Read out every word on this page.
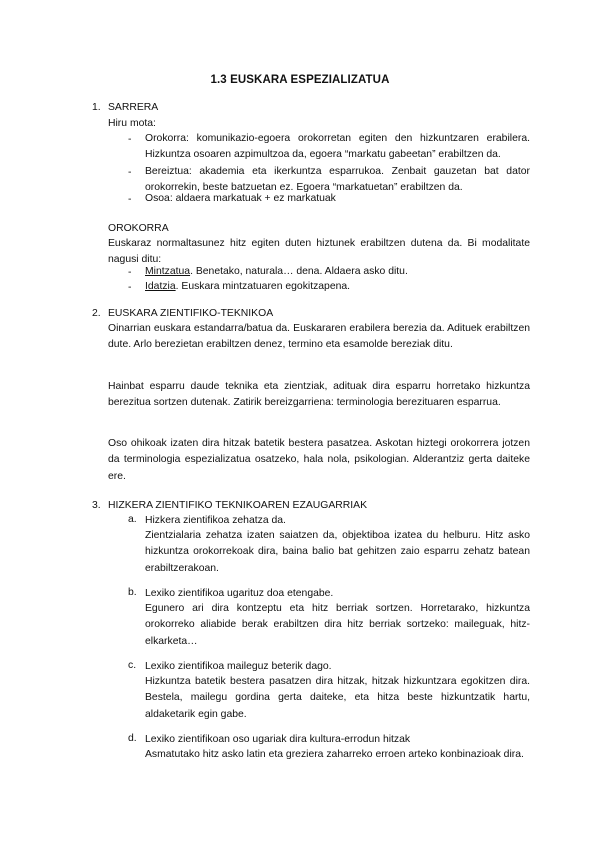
1.3 EUSKARA ESPEZIALIZATUA
1. SARRERA
Hiru mota:
- Orokorra: komunikazio-egoera orokorretan egiten den hizkuntzaren erabilera. Hizkuntza osoaren azpimultzoa da, egoera “markatu gabeetan” erabiltzen da.

- Bereiztua: akademia eta ikerkuntza esparrukoa. Zenbait gauzetan bat dator orokorrekin, beste batzuetan ez. Egoera “markatuetan” erabiltzen da.

- Osoa: aldaera markatuak + ez markatuak

OROKORRA

Euskaraz normaltasunez hitz egiten duten hiztunek erabiltzen dutena da. Bi modalitate nagusi ditu:

- Mintzatua. Benetako, naturala… dena. Aldaera asko ditu.
- Idatzia. Euskara mintzatuaren egokitzapena.
2. EUSKARA ZIENTIFIKO-TEKNIKOA

Oinarrian euskara estandarra/batua da. Euskararen erabilera berezia da. Adituek erabiltzen dute. Arlo berezietan erabiltzen denez, termino eta esamolde bereziak ditu.

Hainbat esparru daude teknika eta zientziak, adituak dira esparru horretako hizkuntza berezitua sortzen dutenak. Zatirik bereizgarriena: terminologia berezituaren esparrua.

Oso ohikoak izaten dira hitzak batetik bestera pasatzea. Askotan hiztegi orokorrera jotzen da terminologia espezializatua osatzeko, hala nola, psikologian. Alderantziz gerta daiteke ere.

3. HIZKERA ZIENTIFIKO TEKNIKOAREN EZAUGARRIAK
a. Hizkera zientifikoa zehatza da.

Zientzialaria zehatza izaten saiatzen da, objektiboa izatea du helburu. Hitz asko hizkuntza orokorrekoak dira, baina balio bat gehitzen zaio esparru zehatz batean erabiltzerakoan.

b. Lexiko zientifikoa ugarituz doa etengabe.

Egunero ari dira kontzeptu eta hitz berriak sortzen. Horretarako, hizkuntza orokorreko aliabide berak erabiltzen dira hitz berriak sortzeko: maileguak, hitz-elkarketa…

c. Lexiko zientifikoa maileguz beterik dago.

Hizkuntza batetik bestera pasatzen dira hitzak, hitzak hizkuntzara egokitzen dira. Bestela, mailegu gordina gerta daiteke, eta hitza beste hizkuntzatik hartu, aldaketarik egin gabe.

d. Lexiko zientifikoan oso ugariak dira kultura-errodun hitzak

Asmatutako hitz asko latin eta greziera zaharreko erroen arteko konbinazioak dira.
